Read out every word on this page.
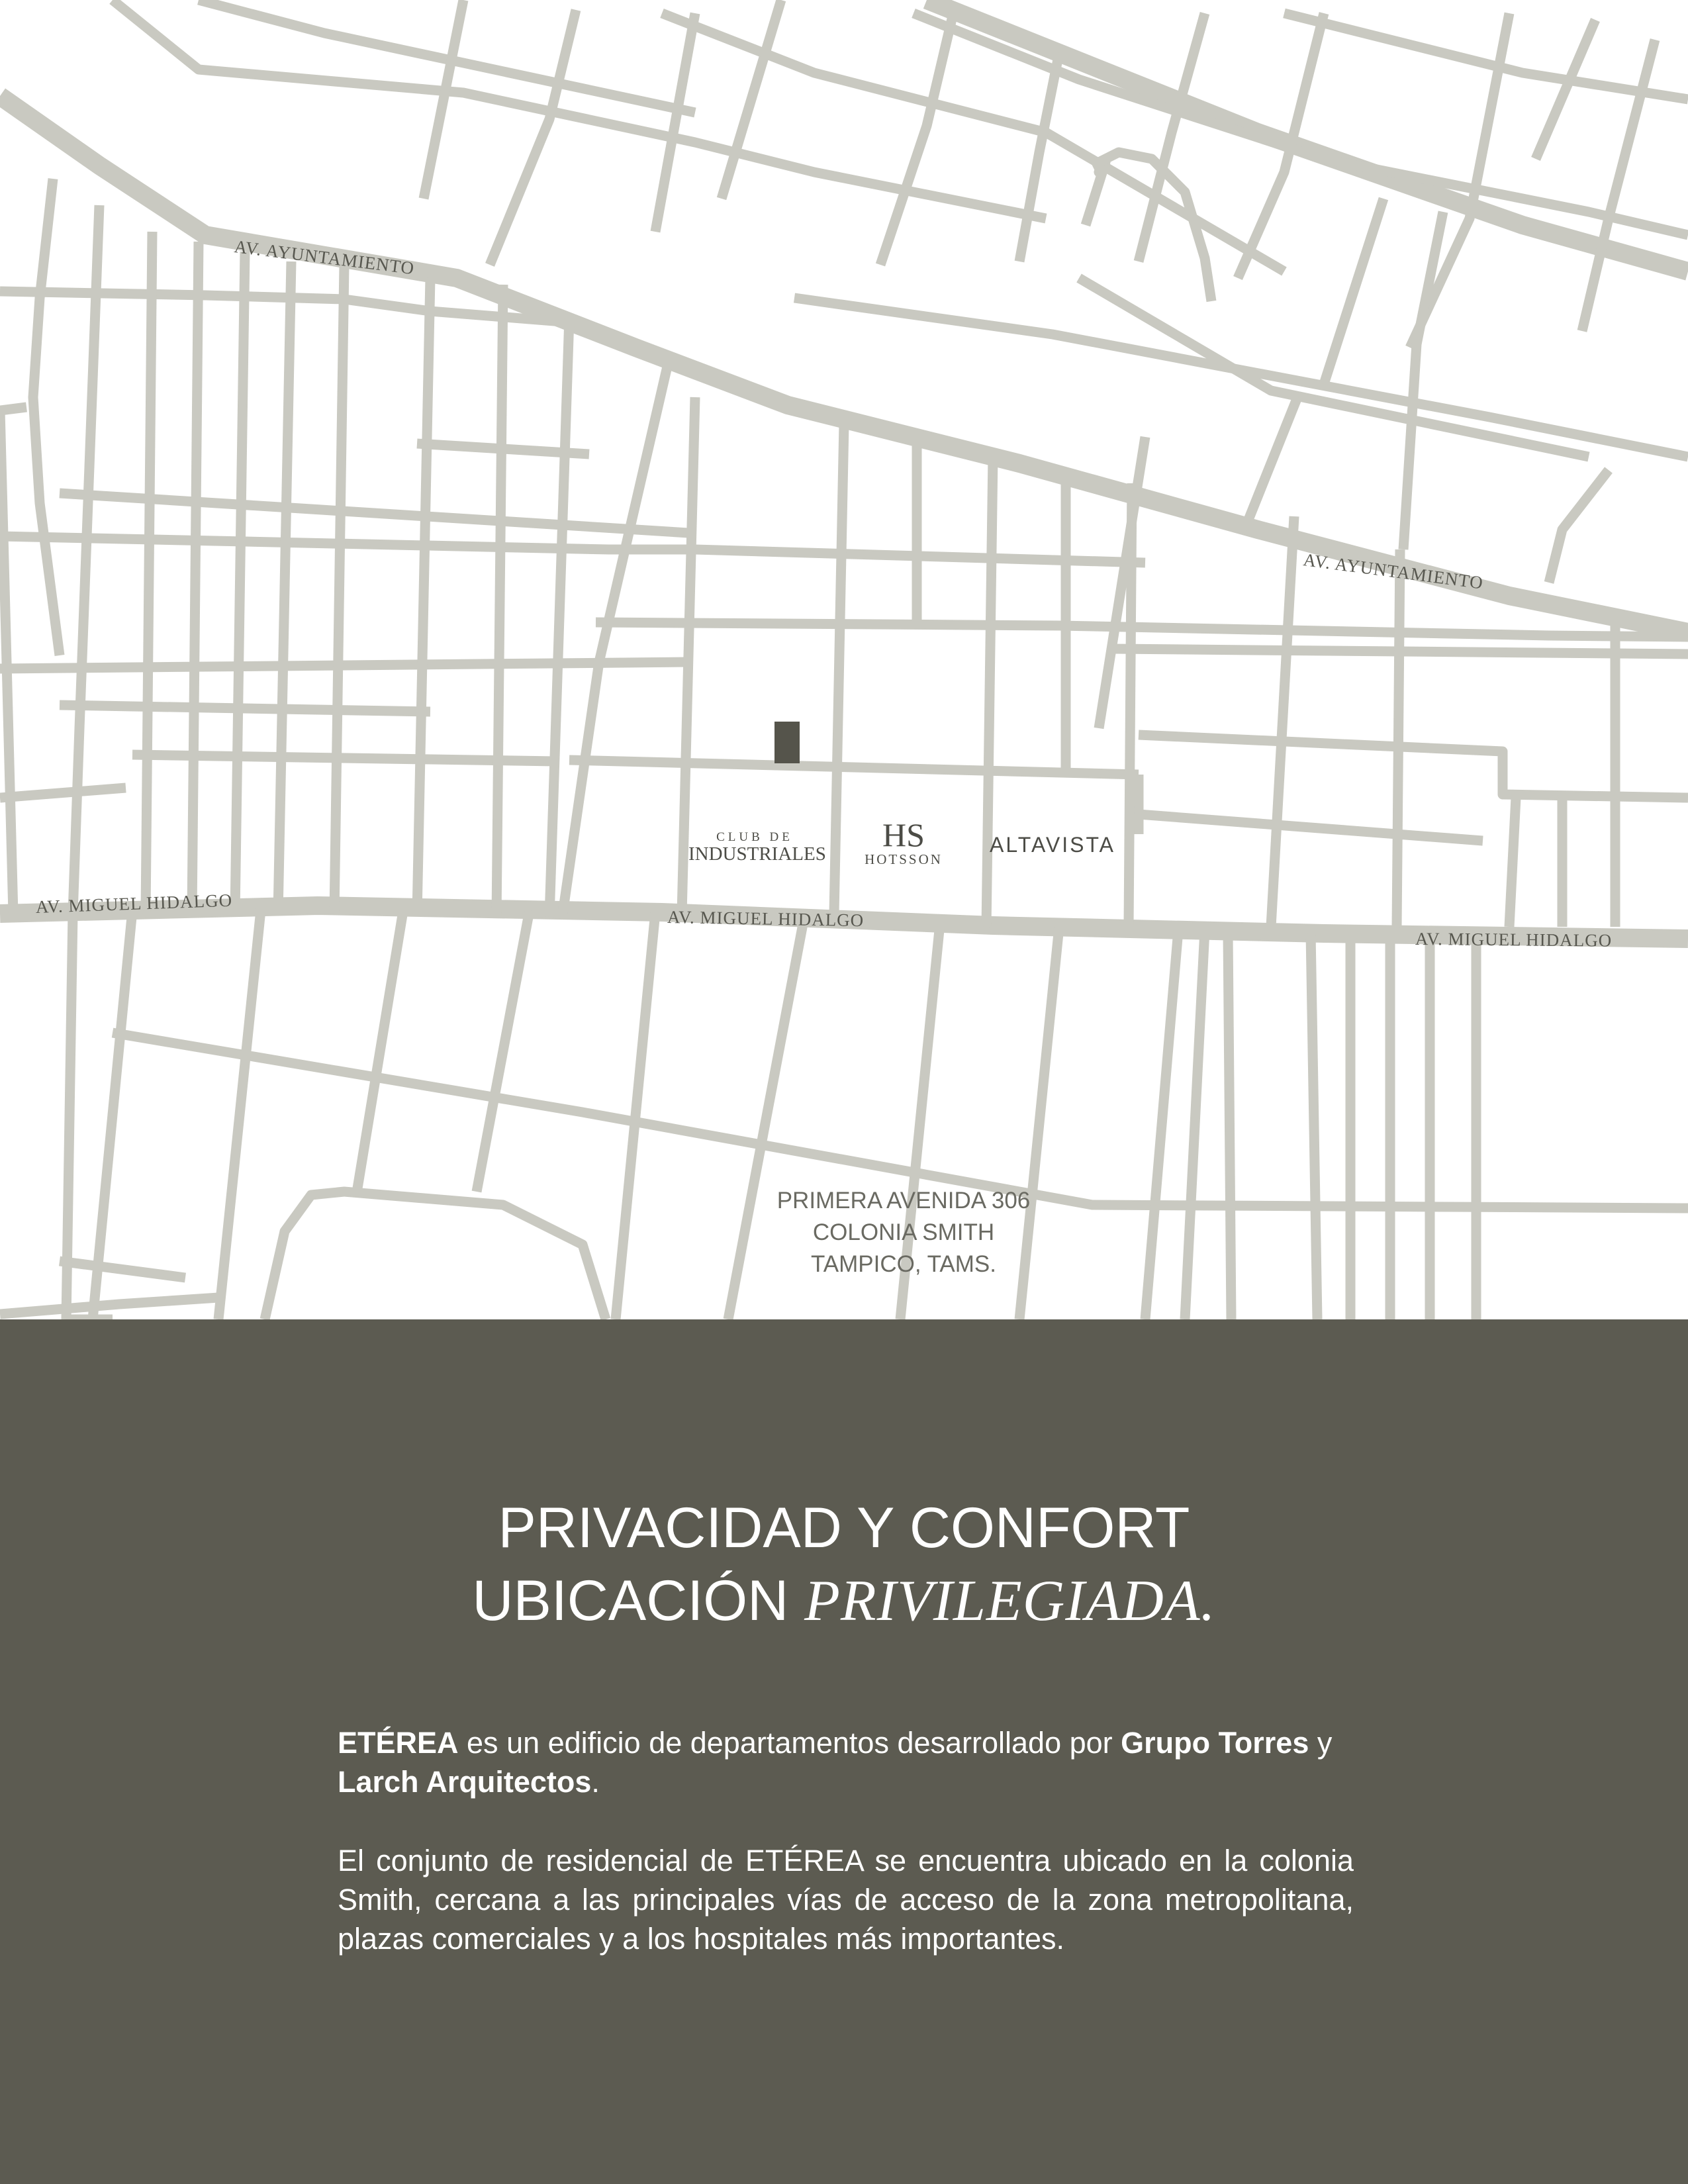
AV. AYUNTAMIENTO
AV. AYUNTAMIENTO
AV. MIGUEL HIDALGO
AV. MIGUEL HIDALGO
AV. MIGUEL HIDALGO
CLUB DE
INDUSTRIALES
HS
HOTSSON
ALTAVISTA
PRIMERA AVENIDA 306
COLONIA SMITH
TAMPICO, TAMS.
PRIVACIDAD Y CONFORT
UBICACIÓN PRIVILEGIADA.

ETÉREA es un edificio de departamentos desarrollado por Grupo Torres y Larch Arquitectos.

El conjunto de residencial de ETÉREA se encuentra ubicado en la colonia Smith, cercana a las principales vías de acceso de la zona metropolitana, plazas comerciales y a los hospitales más importantes.
